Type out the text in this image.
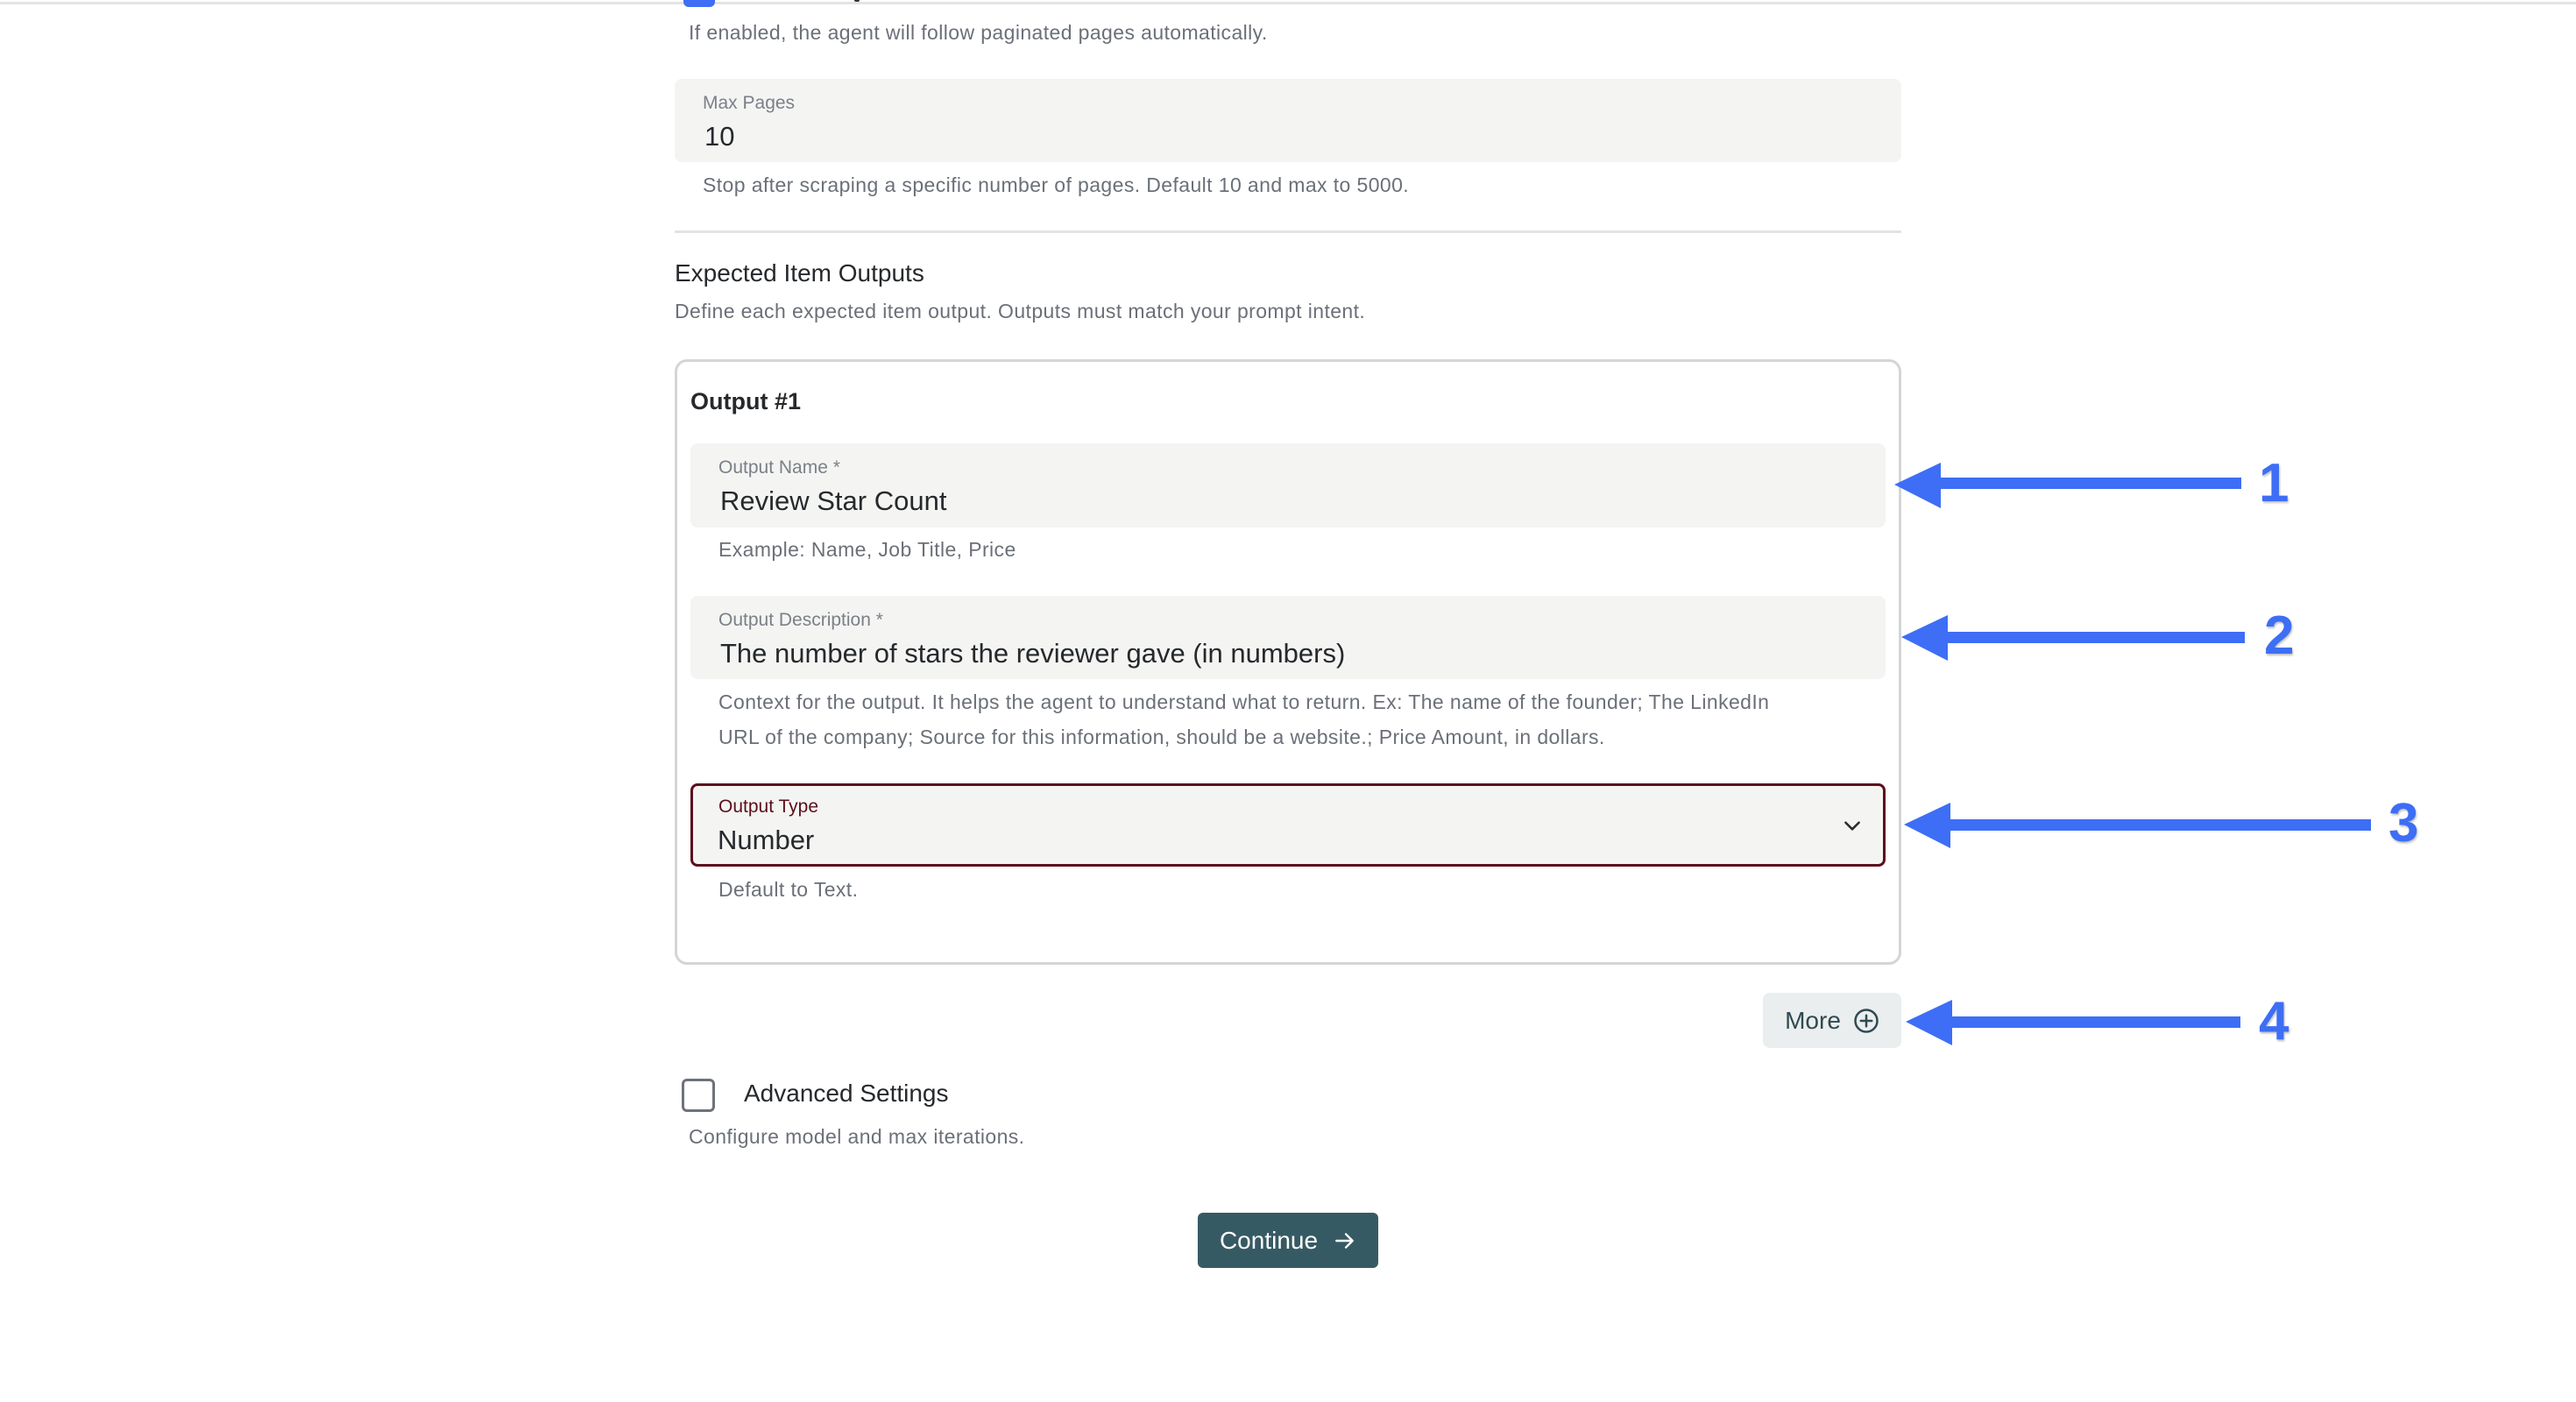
If enabled, the agent will follow paginated pages automatically.
Max Pages
10
Stop after scraping a specific number of pages. Default 10 and max to 5000.
Expected Item Outputs
Define each expected item output. Outputs must match your prompt intent.
Output #1
Output Name *
Review Star Count
Example: Name, Job Title, Price
Output Description *
The number of stars the reviewer gave (in numbers)
Context for the output. It helps the agent to understand what to return. Ex: The name of the founder; The LinkedIn
URL of the company; Source for this information, should be a website.; Price Amount, in dollars.
Output Type
Number
Default to Text.
More
Advanced Settings
Configure model and max iterations.
Continue
1
2
3
4
